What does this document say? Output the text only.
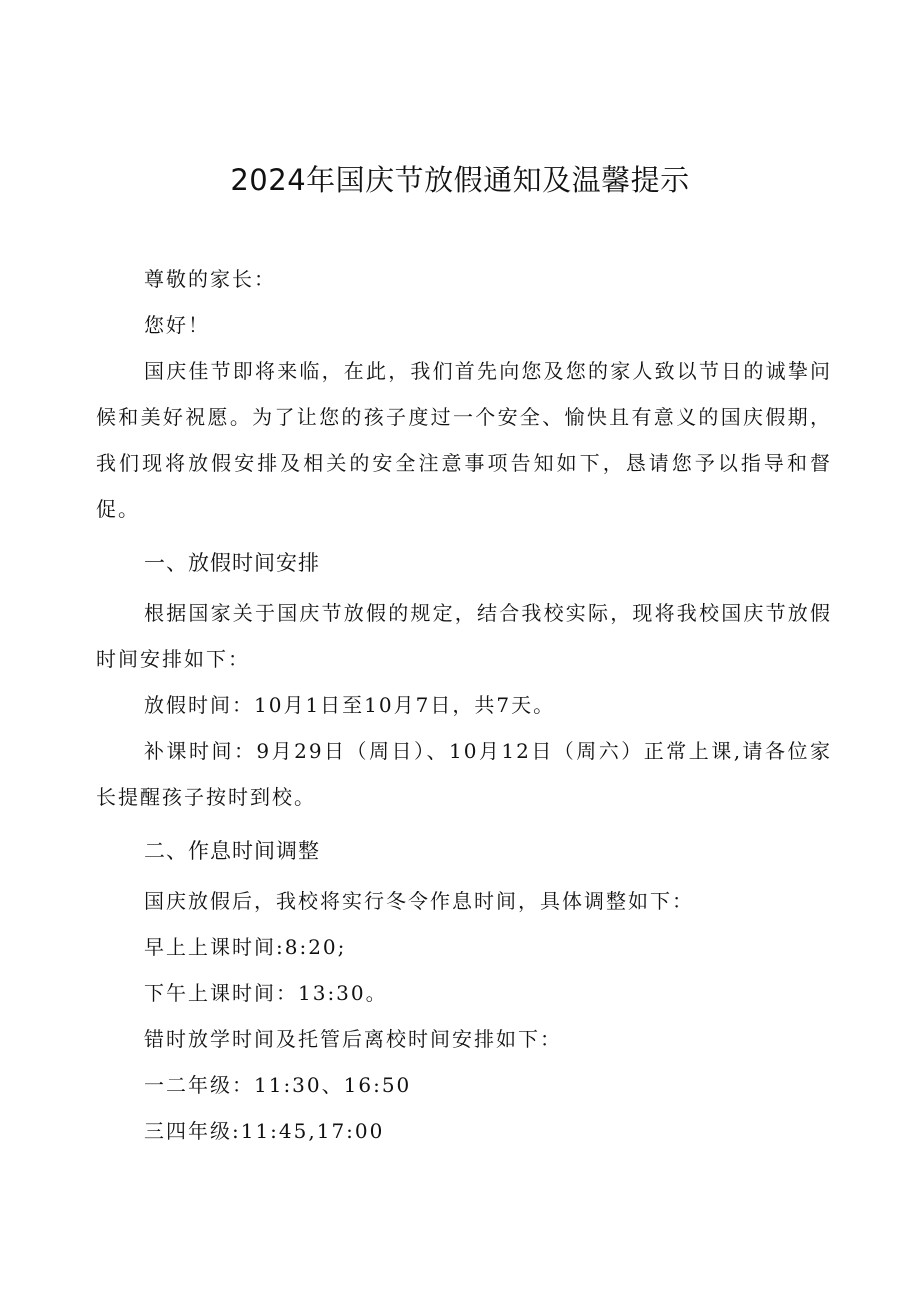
2024年国庆节放假通知及温馨提示

尊敬的家长：

您好！

国庆佳节即将来临，在此，我们首先向您及您的家人致以节日的诚挚问候和美好祝愿。为了让您的孩子度过一个安全、愉快且有意义的国庆假期，我们现将放假安排及相关的安全注意事项告知如下，恳请您予以指导和督促。

一、放假时间安排

根据国家关于国庆节放假的规定，结合我校实际，现将我校国庆节放假时间安排如下：

放假时间：10月1日至10月7日，共7天。

补课时间：9月29日（周日）、10月12日（周六）正常上课,请各位家长提醒孩子按时到校。

二、作息时间调整

国庆放假后，我校将实行冬令作息时间，具体调整如下：

早上上课时间:8:20;

下午上课时间：13:30。

错时放学时间及托管后离校时间安排如下：

一二年级：11:30、16:50

三四年级:11:45,17:00
